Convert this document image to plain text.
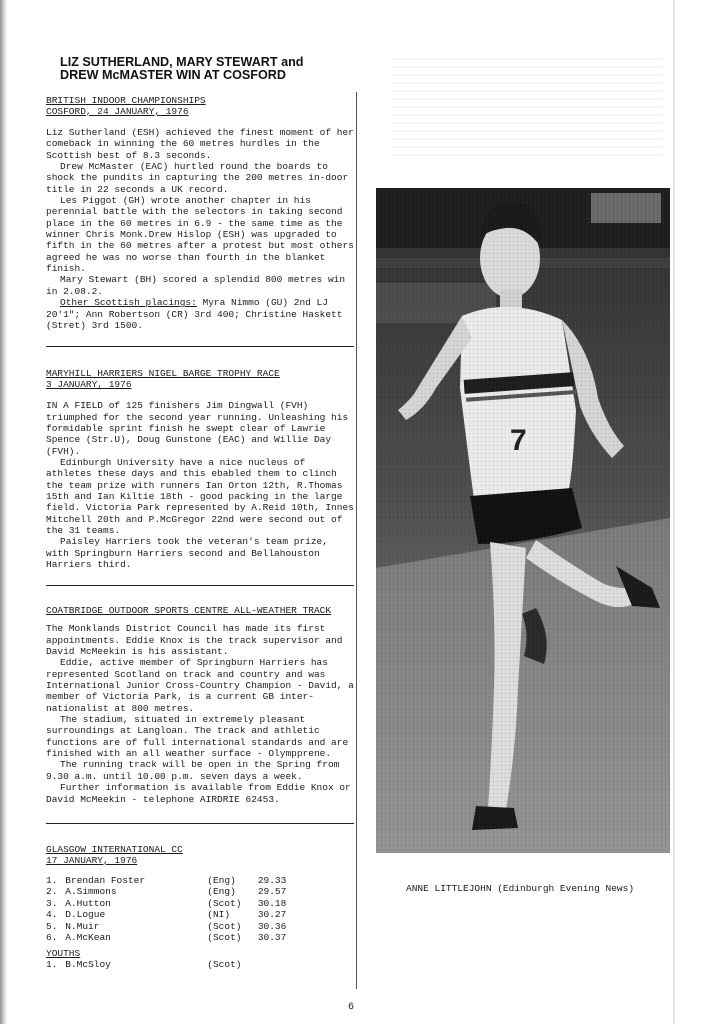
LIZ SUTHERLAND, MARY STEWART and

DREW McMASTER WIN AT COSFORD

BRITISH INDOOR CHAMPIONSHIPS

COSFORD, 24 JANUARY, 1976

Liz Sutherland (ESH) achieved the finest moment of her comeback in winning the 60 metres hurdles in the Scottish best of 8.3 seconds.

Drew McMaster (EAC) hurtled round the boards to shock the pundits in capturing the 200 metres in-door title in 22 seconds a UK record.

Les Piggot (GH) wrote another chapter in his perennial battle with the selectors in taking second place in the 60 metres in 6.9 - the same time as the winner Chris Monk.Drew Hislop (ESH) was upgraded to fifth in the 60 metres after a protest but most others agreed he was no worse than fourth in the blanket finish.

Mary Stewart (BH) scored a splendid 800 metres win in 2.08.2.

Other Scottish placings: Myra Nimmo (GU) 2nd LJ 20'1"; Ann Robertson (CR) 3rd 400; Christine Haskett (Stret) 3rd 1500.

MARYHILL HARRIERS NIGEL BARGE TROPHY RACE

3 JANUARY, 1976

IN A FIELD of 125 finishers Jim Dingwall (FVH) triumphed for the second year running. Unleashing his formidable sprint finish he swept clear of Lawrie Spence (Str.U), Doug Gunstone (EAC) and Willie Day (FVH).

Edinburgh University have a nice nucleus of athletes these days and this ebabled them to clinch the team prize with runners Ian Orton 12th, R.Thomas 15th and Ian Kiltie 18th - good packing in the large field. Victoria Park represented by A.Reid 10th, Innes Mitchell 20th and P.McGregor 22nd were second out of the 31 teams.

Paisley Harriers took the veteran's team prize, with Springburn Harriers second and Bellahouston Harriers third.

COATBRIDGE OUTDOOR SPORTS CENTRE ALL-WEATHER TRACK

The Monklands District Council has made its first appointments. Eddie Knox is the track supervisor and David McMeekin is his assistant.

Eddie, active member of Springburn Harriers has represented Scotland on track and country and was International Junior Cross-Country Champion - David, a member of Victoria Park, is a current GB inter-nationalist at 800 metres.

The stadium, situated in extremely pleasant surroundings at Langloan. The track and athletic functions are of full international standards and are finished with an all weather surface - Olympprene.

The running track will be open in the Spring from 9.30 a.m. until 10.00 p.m. seven days a week.

Further information is available from Eddie Knox or David McMeekin - telephone AIRDRIE 62453.

GLASGOW INTERNATIONAL CC

17 JANUARY, 1976

1.	Brendan Foster	(Eng)	29.33
2.	A.Simmons	(Eng)	29.57
3.	A.Hutton	(Scot)	30.18
4.	D.Logue	(NI)	30.27
5.	N.Muir	(Scot)	30.36
6.	A.McKean	(Scot)	30.37

YOUTHS

1.	B.McSloy	(Scot)	
7
ANNE LITTLEJOHN (Edinburgh Evening News)
6
